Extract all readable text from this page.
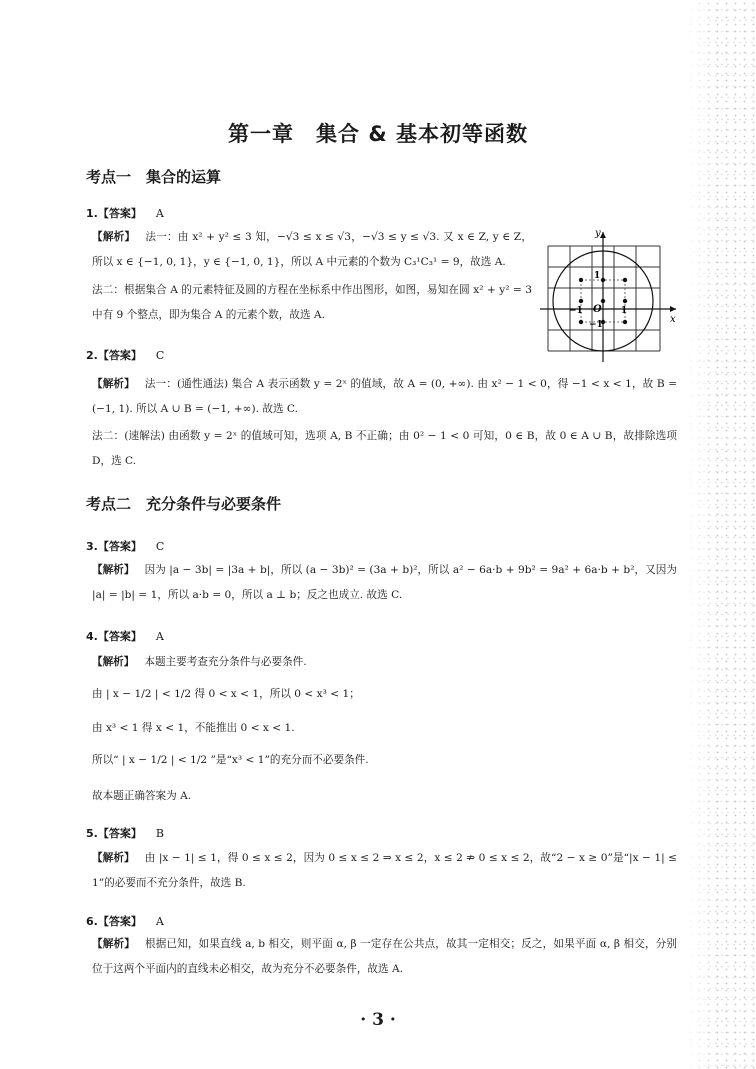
第一章　集合 & 基本初等函数
考点一　集合的运算
1.【答案】 A
【解析】 法一：由 x² + y² ≤ 3 知，−√3 ≤ x ≤ √3，−√3 ≤ y ≤ √3. 又 x ∈ Z, y ∈ Z，所以 x ∈ {−1, 0, 1}，y ∈ {−1, 0, 1}，所以 A 中元素的个数为 C₃¹C₃¹ = 9，故选 A.
法二：根据集合 A 的元素特征及圆的方程在坐标系中作出图形，如图，易知在圆 x² + y² = 3 中有 9 个整点，即为集合 A 的元素个数，故选 A.
y
x
O
1
1
−1
−1
2.【答案】 C
【解析】 法一：(通性通法) 集合 A 表示函数 y = 2ˣ 的值域，故 A = (0, +∞). 由 x² − 1 < 0，得 −1 < x < 1，故 B = (−1, 1). 所以 A ∪ B = (−1, +∞). 故选 C.
法二：(速解法) 由函数 y = 2ˣ 的值域可知，选项 A, B 不正确；由 0² − 1 < 0 可知，0 ∈ B，故 0 ∈ A ∪ B，故排除选项 D，选 C.
考点二　充分条件与必要条件
3.【答案】 C
【解析】 因为 |a − 3b| = |3a + b|，所以 (a − 3b)² = (3a + b)²，所以 a² − 6a·b + 9b² = 9a² + 6a·b + b²，又因为 |a| = |b| = 1，所以 a·b = 0，所以 a ⊥ b；反之也成立. 故选 C.
4.【答案】 A
【解析】 本题主要考查充分条件与必要条件.
由 | x − 1/2 | < 1/2 得 0 < x < 1，所以 0 < x³ < 1；
由 x³ < 1 得 x < 1，不能推出 0 < x < 1.
所以“ | x − 1/2 | < 1/2 ”是“x³ < 1”的充分而不必要条件.
故本题正确答案为 A.
5.【答案】 B
【解析】 由 |x − 1| ≤ 1，得 0 ≤ x ≤ 2，因为 0 ≤ x ≤ 2 ⇒ x ≤ 2，x ≤ 2 ⇏ 0 ≤ x ≤ 2，故“2 − x ≥ 0”是“|x − 1| ≤ 1”的必要而不充分条件，故选 B.
6.【答案】 A
【解析】 根据已知，如果直线 a, b 相交，则平面 α, β 一定存在公共点，故其一定相交；反之，如果平面 α, β 相交，分别位于这两个平面内的直线未必相交，故为充分不必要条件，故选 A.
· 3 ·
